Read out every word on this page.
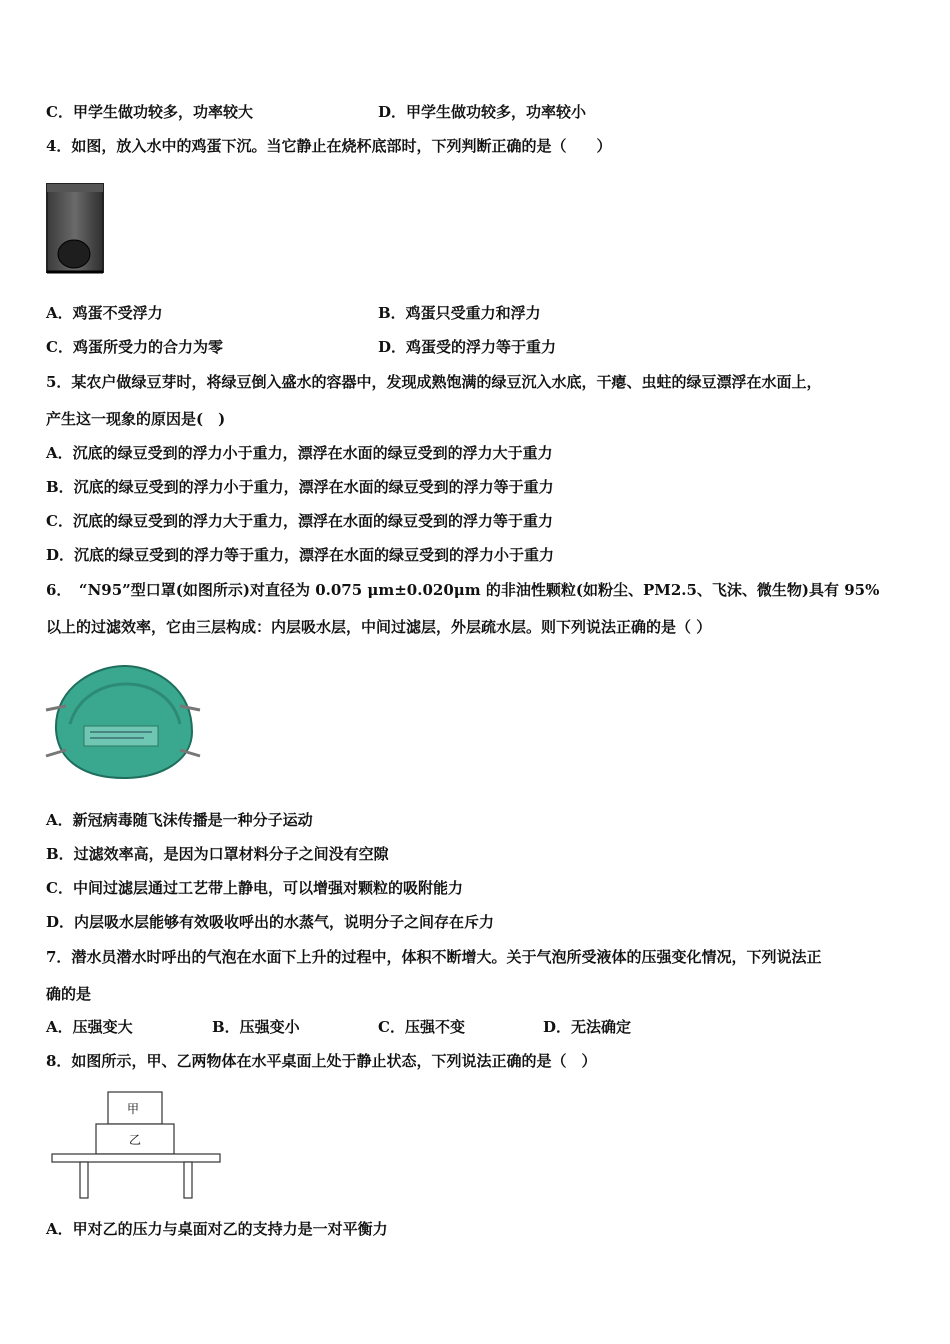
C．甲学生做功较多，功率较大	D．甲学生做功较多，功率较小
4．如图，放入水中的鸡蛋下沉。当它静止在烧杯底部时，下列判断正确的是（　　）
A．鸡蛋不受浮力	B．鸡蛋只受重力和浮力
C．鸡蛋所受力的合力为零	D．鸡蛋受的浮力等于重力
5．某农户做绿豆芽时，将绿豆倒入盛水的容器中，发现成熟饱满的绿豆沉入水底，干瘪、虫蛀的绿豆漂浮在水面上，
产生这一现象的原因是(　)
A．沉底的绿豆受到的浮力小于重力，漂浮在水面的绿豆受到的浮力大于重力
B．沉底的绿豆受到的浮力小于重力，漂浮在水面的绿豆受到的浮力等于重力
C．沉底的绿豆受到的浮力大于重力，漂浮在水面的绿豆受到的浮力等于重力
D．沉底的绿豆受到的浮力等于重力，漂浮在水面的绿豆受到的浮力小于重力
6．　“N95”型口罩(如图所示)对直径为 0.075 μm±0.020μm 的非油性颗粒(如粉尘、PM2.5、飞沫、微生物)具有 95%
以上的过滤效率，它由三层构成：内层吸水层，中间过滤层，外层疏水层。则下列说法正确的是（ ）
A．新冠病毒随飞沫传播是一种分子运动
B．过滤效率高，是因为口罩材料分子之间没有空隙
C．中间过滤层通过工艺带上静电，可以增强对颗粒的吸附能力
D．内层吸水层能够有效吸收呼出的水蒸气，说明分子之间存在斥力
7．潜水员潜水时呼出的气泡在水面下上升的过程中，体积不断增大。关于气泡所受液体的压强变化情况，下列说法正
确的是
A．压强变大	B．压强变小	C．压强不变	D．无法确定
8．如图所示，甲、乙两物体在水平桌面上处于静止状态，下列说法正确的是（　）
甲
乙
A．甲对乙的压力与桌面对乙的支持力是一对平衡力
